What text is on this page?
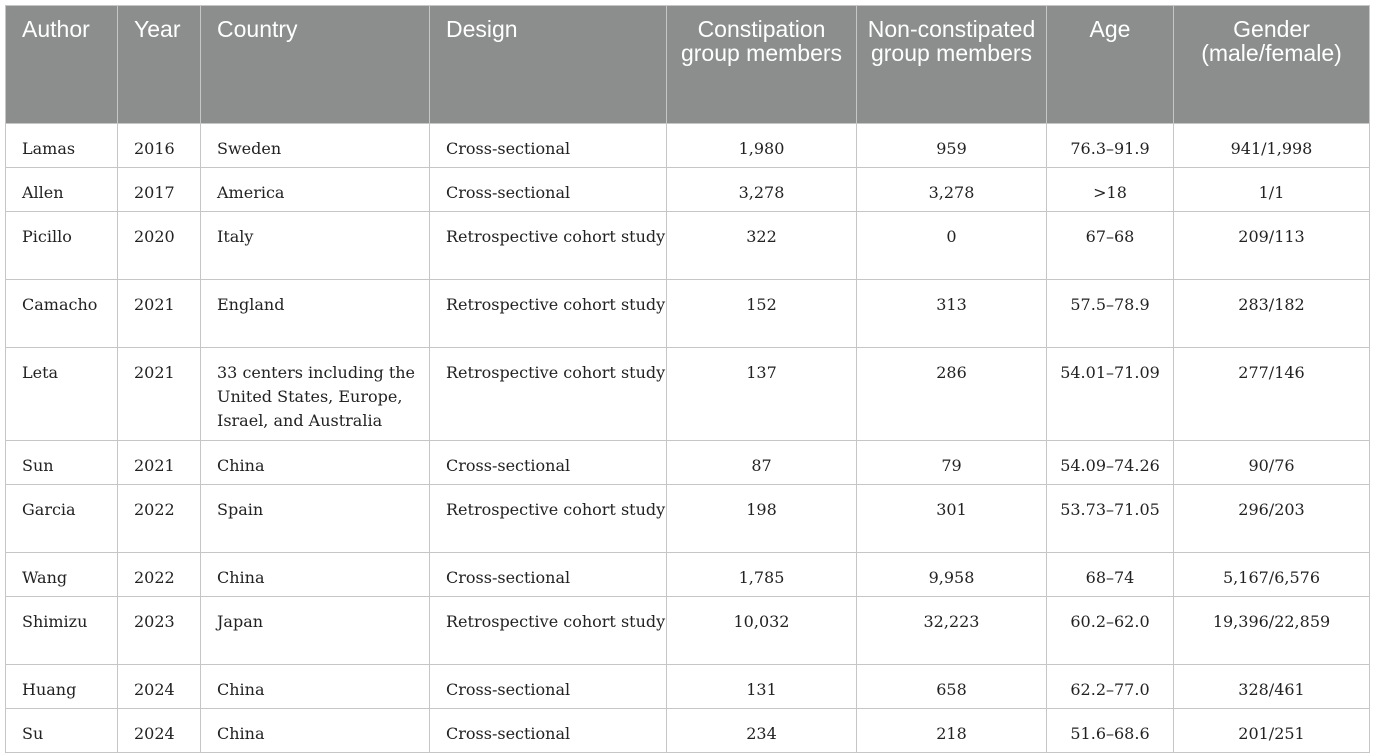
Author	Year	Country	Design	Constipation group members	Non-constipated group members	Age	Gender (male/female)
Lamas	2016	Sweden	Cross-sectional	1,980	959	76.3–91.9	941/1,998
Allen	2017	America	Cross-sectional	3,278	3,278	>18	1/1
Picillo	2020	Italy	Retrospective cohort study	322	0	67–68	209/113
Camacho	2021	England	Retrospective cohort study	152	313	57.5–78.9	283/182
Leta	2021	33 centers including the United States, Europe, Israel, and Australia	Retrospective cohort study	137	286	54.01–71.09	277/146
Sun	2021	China	Cross-sectional	87	79	54.09–74.26	90/76
Garcia	2022	Spain	Retrospective cohort study	198	301	53.73–71.05	296/203
Wang	2022	China	Cross-sectional	1,785	9,958	68–74	5,167/6,576
Shimizu	2023	Japan	Retrospective cohort study	10,032	32,223	60.2–62.0	19,396/22,859
Huang	2024	China	Cross-sectional	131	658	62.2–77.0	328/461
Su	2024	China	Cross-sectional	234	218	51.6–68.6	201/251
